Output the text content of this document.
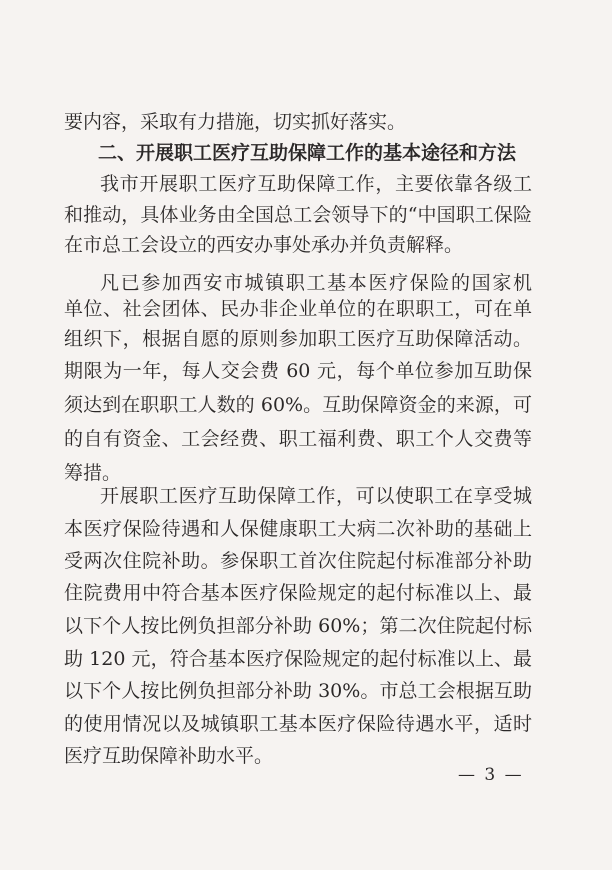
要内容，采取有力措施，切实抓好落实。
二、开展职工医疗互助保障工作的基本途径和方法
我市开展职工医疗互助保障工作，主要依靠各级工
和推动，具体业务由全国总工会领导下的“中国职工保险
在市总工会设立的西安办事处承办并负责解释。
凡已参加西安市城镇职工基本医疗保险的国家机
单位、社会团体、民办非企业单位的在职职工，可在单
组织下，根据自愿的原则参加职工医疗互助保障活动。
期限为一年，每人交会费 60 元，每个单位参加互助保
须达到在职职工人数的 60%。互助保障资金的来源，可
的自有资金、工会经费、职工福利费、职工个人交费等
筹措。
开展职工医疗互助保障工作，可以使职工在享受城
本医疗保险待遇和人保健康职工大病二次补助的基础上
受两次住院补助。参保职工首次住院起付标准部分补助
住院费用中符合基本医疗保险规定的起付标准以上、最
以下个人按比例负担部分补助 60%；第二次住院起付标
助 120 元，符合基本医疗保险规定的起付标准以上、最
以下个人按比例负担部分补助 30%。市总工会根据互助
的使用情况以及城镇职工基本医疗保险待遇水平，适时
医疗互助保障补助水平。
— 3 —
